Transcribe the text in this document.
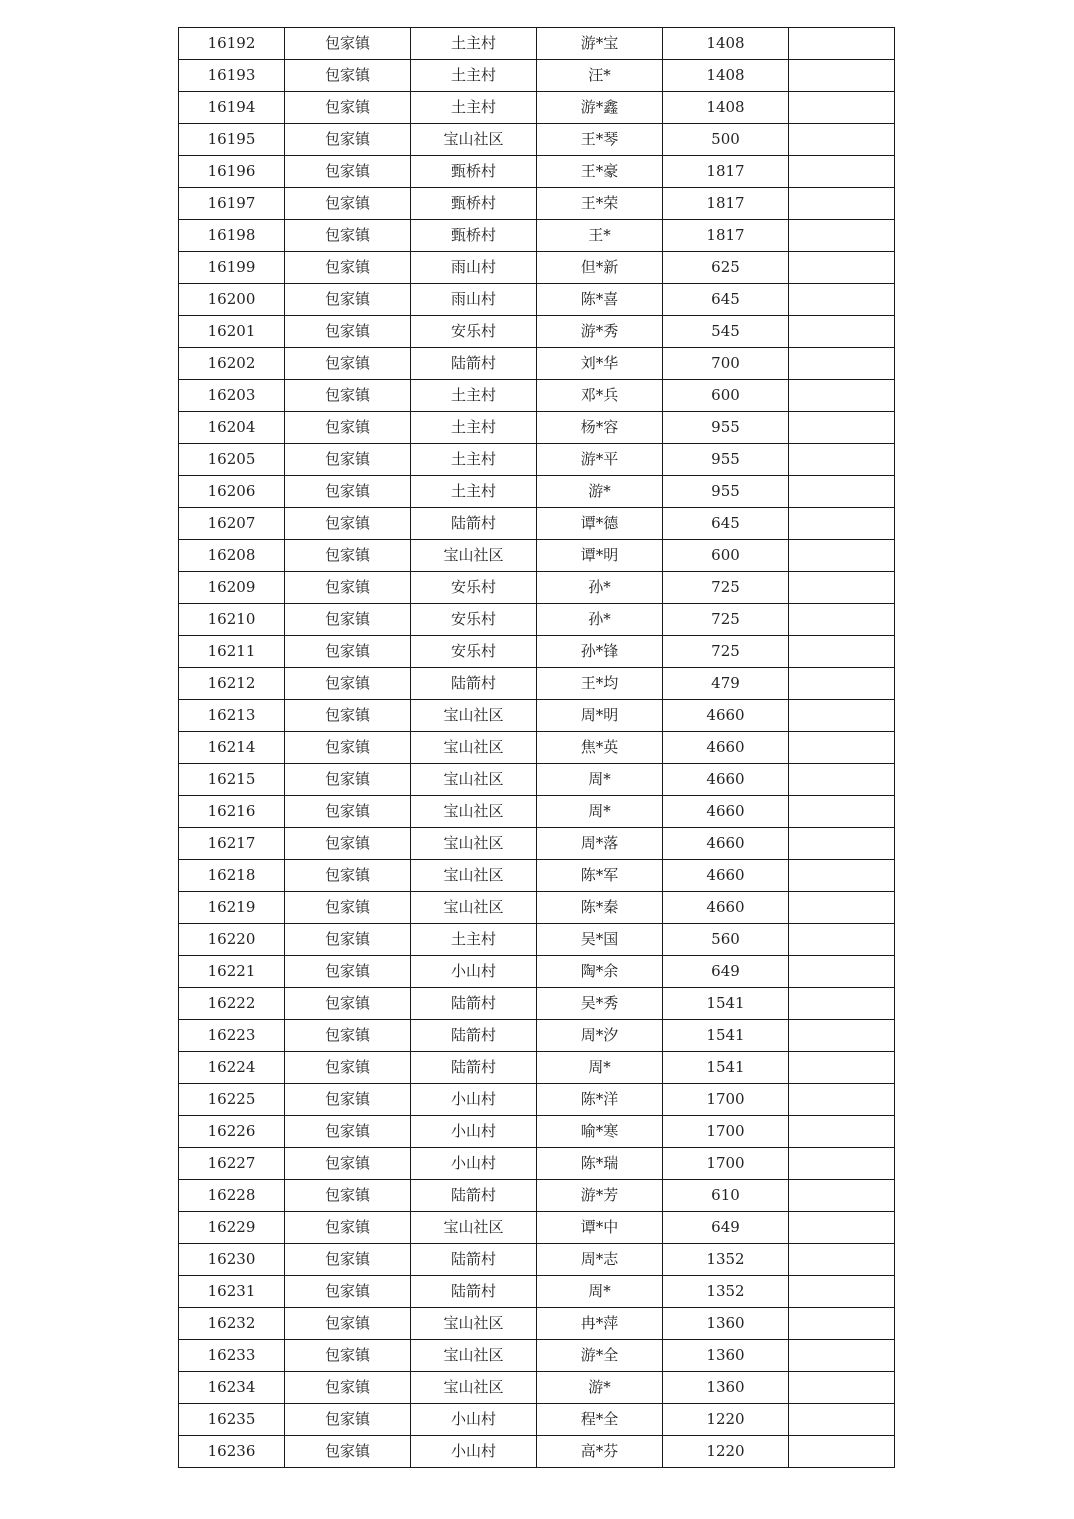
16192	包家镇	土主村	游*宝	1408	
16193	包家镇	土主村	汪*	1408	
16194	包家镇	土主村	游*鑫	1408	
16195	包家镇	宝山社区	王*琴	500	
16196	包家镇	甄桥村	王*豪	1817	
16197	包家镇	甄桥村	王*荣	1817	
16198	包家镇	甄桥村	王*	1817	
16199	包家镇	雨山村	但*新	625	
16200	包家镇	雨山村	陈*喜	645	
16201	包家镇	安乐村	游*秀	545	
16202	包家镇	陆箭村	刘*华	700	
16203	包家镇	土主村	邓*兵	600	
16204	包家镇	土主村	杨*容	955	
16205	包家镇	土主村	游*平	955	
16206	包家镇	土主村	游*	955	
16207	包家镇	陆箭村	谭*德	645	
16208	包家镇	宝山社区	谭*明	600	
16209	包家镇	安乐村	孙*	725	
16210	包家镇	安乐村	孙*	725	
16211	包家镇	安乐村	孙*锋	725	
16212	包家镇	陆箭村	王*均	479	
16213	包家镇	宝山社区	周*明	4660	
16214	包家镇	宝山社区	焦*英	4660	
16215	包家镇	宝山社区	周*	4660	
16216	包家镇	宝山社区	周*	4660	
16217	包家镇	宝山社区	周*落	4660	
16218	包家镇	宝山社区	陈*军	4660	
16219	包家镇	宝山社区	陈*秦	4660	
16220	包家镇	土主村	吴*国	560	
16221	包家镇	小山村	陶*余	649	
16222	包家镇	陆箭村	吴*秀	1541	
16223	包家镇	陆箭村	周*汐	1541	
16224	包家镇	陆箭村	周*	1541	
16225	包家镇	小山村	陈*洋	1700	
16226	包家镇	小山村	喻*寒	1700	
16227	包家镇	小山村	陈*瑞	1700	
16228	包家镇	陆箭村	游*芳	610	
16229	包家镇	宝山社区	谭*中	649	
16230	包家镇	陆箭村	周*志	1352	
16231	包家镇	陆箭村	周*	1352	
16232	包家镇	宝山社区	冉*萍	1360	
16233	包家镇	宝山社区	游*全	1360	
16234	包家镇	宝山社区	游*	1360	
16235	包家镇	小山村	程*全	1220	
16236	包家镇	小山村	高*芬	1220	
